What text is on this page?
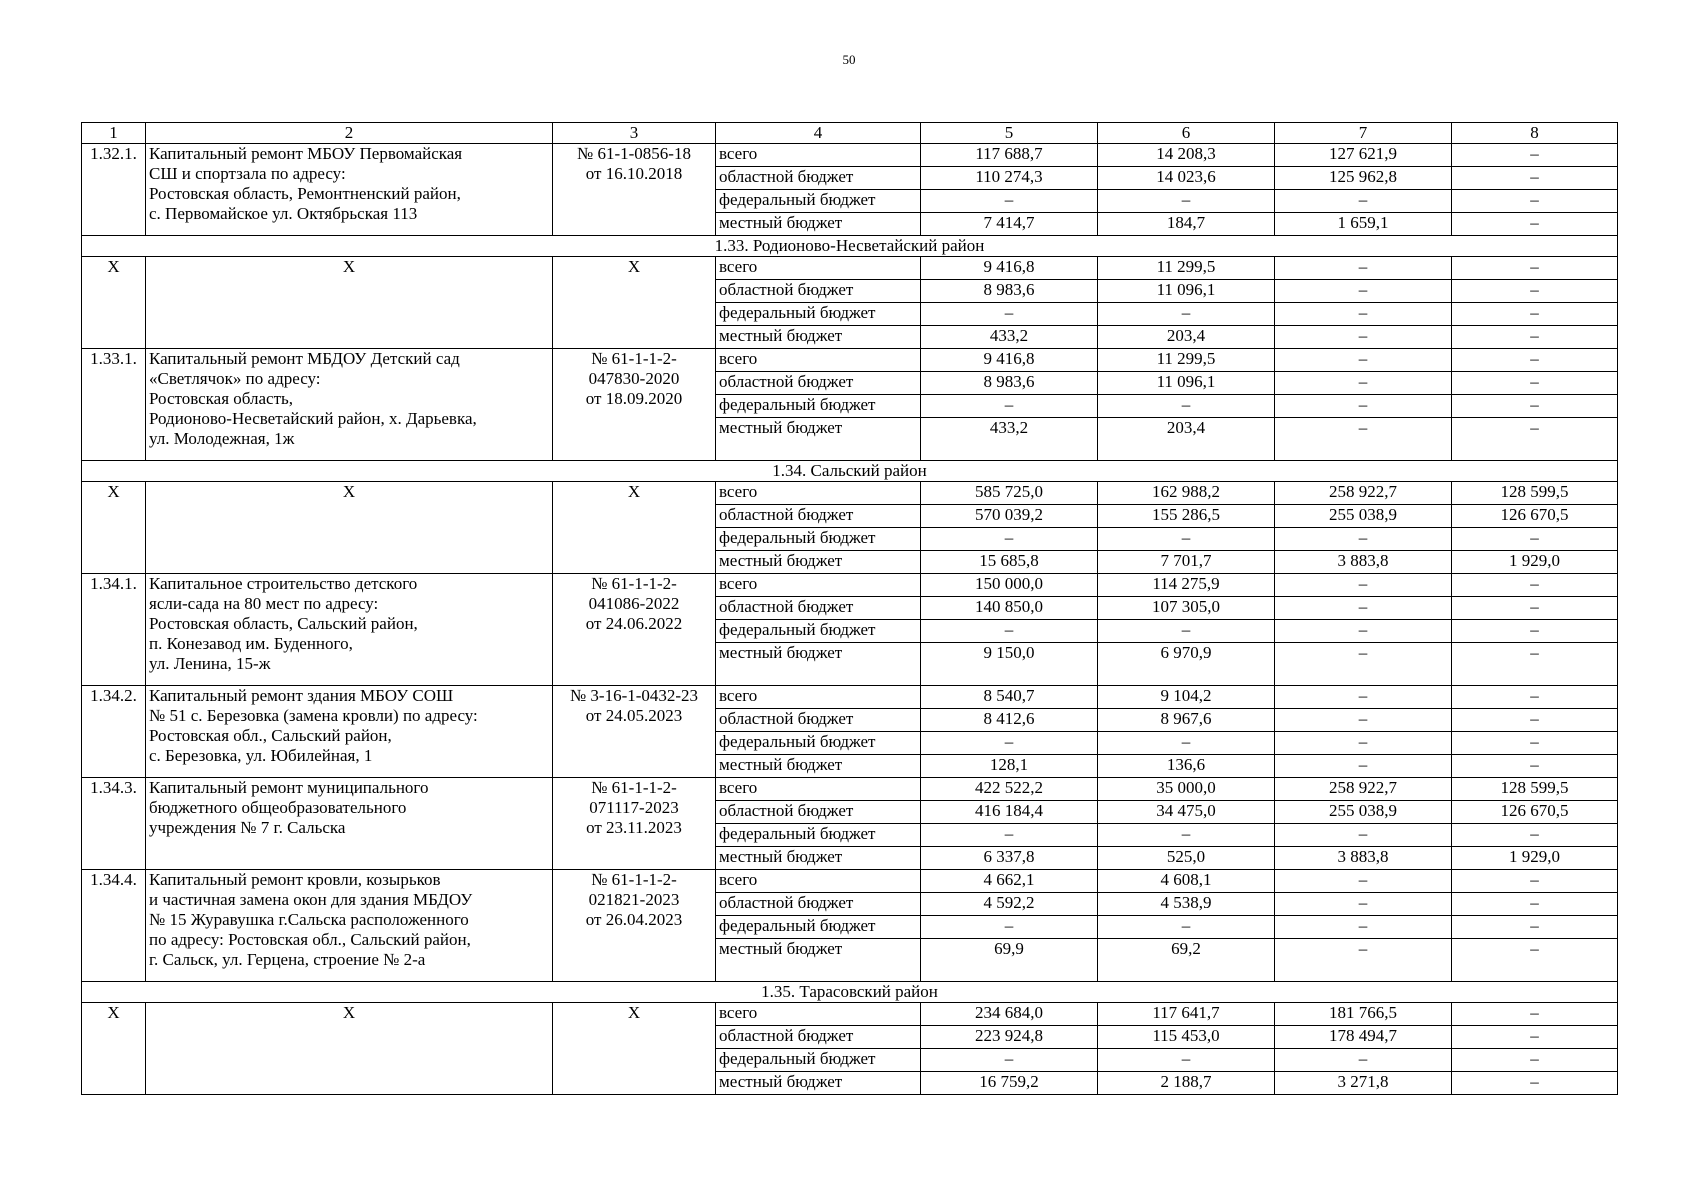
50
1	2	3	4	5	6	7	8
1.32.1.	Капитальный ремонт МБОУ Первомайская
СШ и спортзала по адресу:
Ростовская область, Ремонтненский район,
с. Первомайское ул. Октябрьская 113	№ 61-1-0856-18
от 16.10.2018	всего	117 688,7	14 208,3	127 621,9	–
			областной бюджет	110 274,3	14 023,6	125 962,8	–
			федеральный бюджет	–	–	–	–
			местный бюджет	7 414,7	184,7	1 659,1	–
1.33. Родионово-Несветайский район							
Х	Х	Х	всего	9 416,8	11 299,5	–	–
			областной бюджет	8 983,6	11 096,1	–	–
			федеральный бюджет	–	–	–	–
			местный бюджет	433,2	203,4	–	–
1.33.1.	Капитальный ремонт МБДОУ Детский сад
«Светлячок» по адресу:
Ростовская область,
Родионово-Несветайский район, х. Дарьевка,
ул. Молодежная, 1ж	№ 61-1-1-2-
047830-2020
от 18.09.2020	всего	9 416,8	11 299,5	–	–
			областной бюджет	8 983,6	11 096,1	–	–
			федеральный бюджет	–	–	–	–
			местный бюджет	433,2	203,4	–	–
1.34. Сальский район							
Х	Х	Х	всего	585 725,0	162 988,2	258 922,7	128 599,5
			областной бюджет	570 039,2	155 286,5	255 038,9	126 670,5
			федеральный бюджет	–	–	–	–
			местный бюджет	15 685,8	7 701,7	3 883,8	1 929,0
1.34.1.	Капитальное строительство детского
ясли-сада на 80 мест по адресу:
Ростовская область, Сальский район,
п. Конезавод им. Буденного,
ул. Ленина, 15-ж	№ 61-1-1-2-
041086-2022
от 24.06.2022	всего	150 000,0	114 275,9	–	–
			областной бюджет	140 850,0	107 305,0	–	–
			федеральный бюджет	–	–	–	–
			местный бюджет	9 150,0	6 970,9	–	–
1.34.2.	Капитальный ремонт здания МБОУ СОШ
№ 51 с. Березовка (замена кровли) по адресу:
Ростовская обл., Сальский район,
с. Березовка, ул. Юбилейная, 1	№ 3-16-1-0432-23
от 24.05.2023	всего	8 540,7	9 104,2	–	–
			областной бюджет	8 412,6	8 967,6	–	–
			федеральный бюджет	–	–	–	–
			местный бюджет	128,1	136,6	–	–
1.34.3.	Капитальный ремонт муниципального
бюджетного общеобразовательного
учреждения № 7 г. Сальска	№ 61-1-1-2-
071117-2023
от 23.11.2023	всего	422 522,2	35 000,0	258 922,7	128 599,5
			областной бюджет	416 184,4	34 475,0	255 038,9	126 670,5
			федеральный бюджет	–	–	–	–
			местный бюджет	6 337,8	525,0	3 883,8	1 929,0
1.34.4.	Капитальный ремонт кровли, козырьков
и частичная замена окон для здания МБДОУ
№ 15 Журавушка г.Сальска расположенного
по адресу: Ростовская обл., Сальский район,
г. Сальск, ул. Герцена, строение № 2-а	№ 61-1-1-2-
021821-2023
от 26.04.2023	всего	4 662,1	4 608,1	–	–
			областной бюджет	4 592,2	4 538,9	–	–
			федеральный бюджет	–	–	–	–
			местный бюджет	69,9	69,2	–	–
1.35. Тарасовский район							
Х	Х	Х	всего	234 684,0	117 641,7	181 766,5	–
			областной бюджет	223 924,8	115 453,0	178 494,7	–
			федеральный бюджет	–	–	–	–
			местный бюджет	16 759,2	2 188,7	3 271,8	–
